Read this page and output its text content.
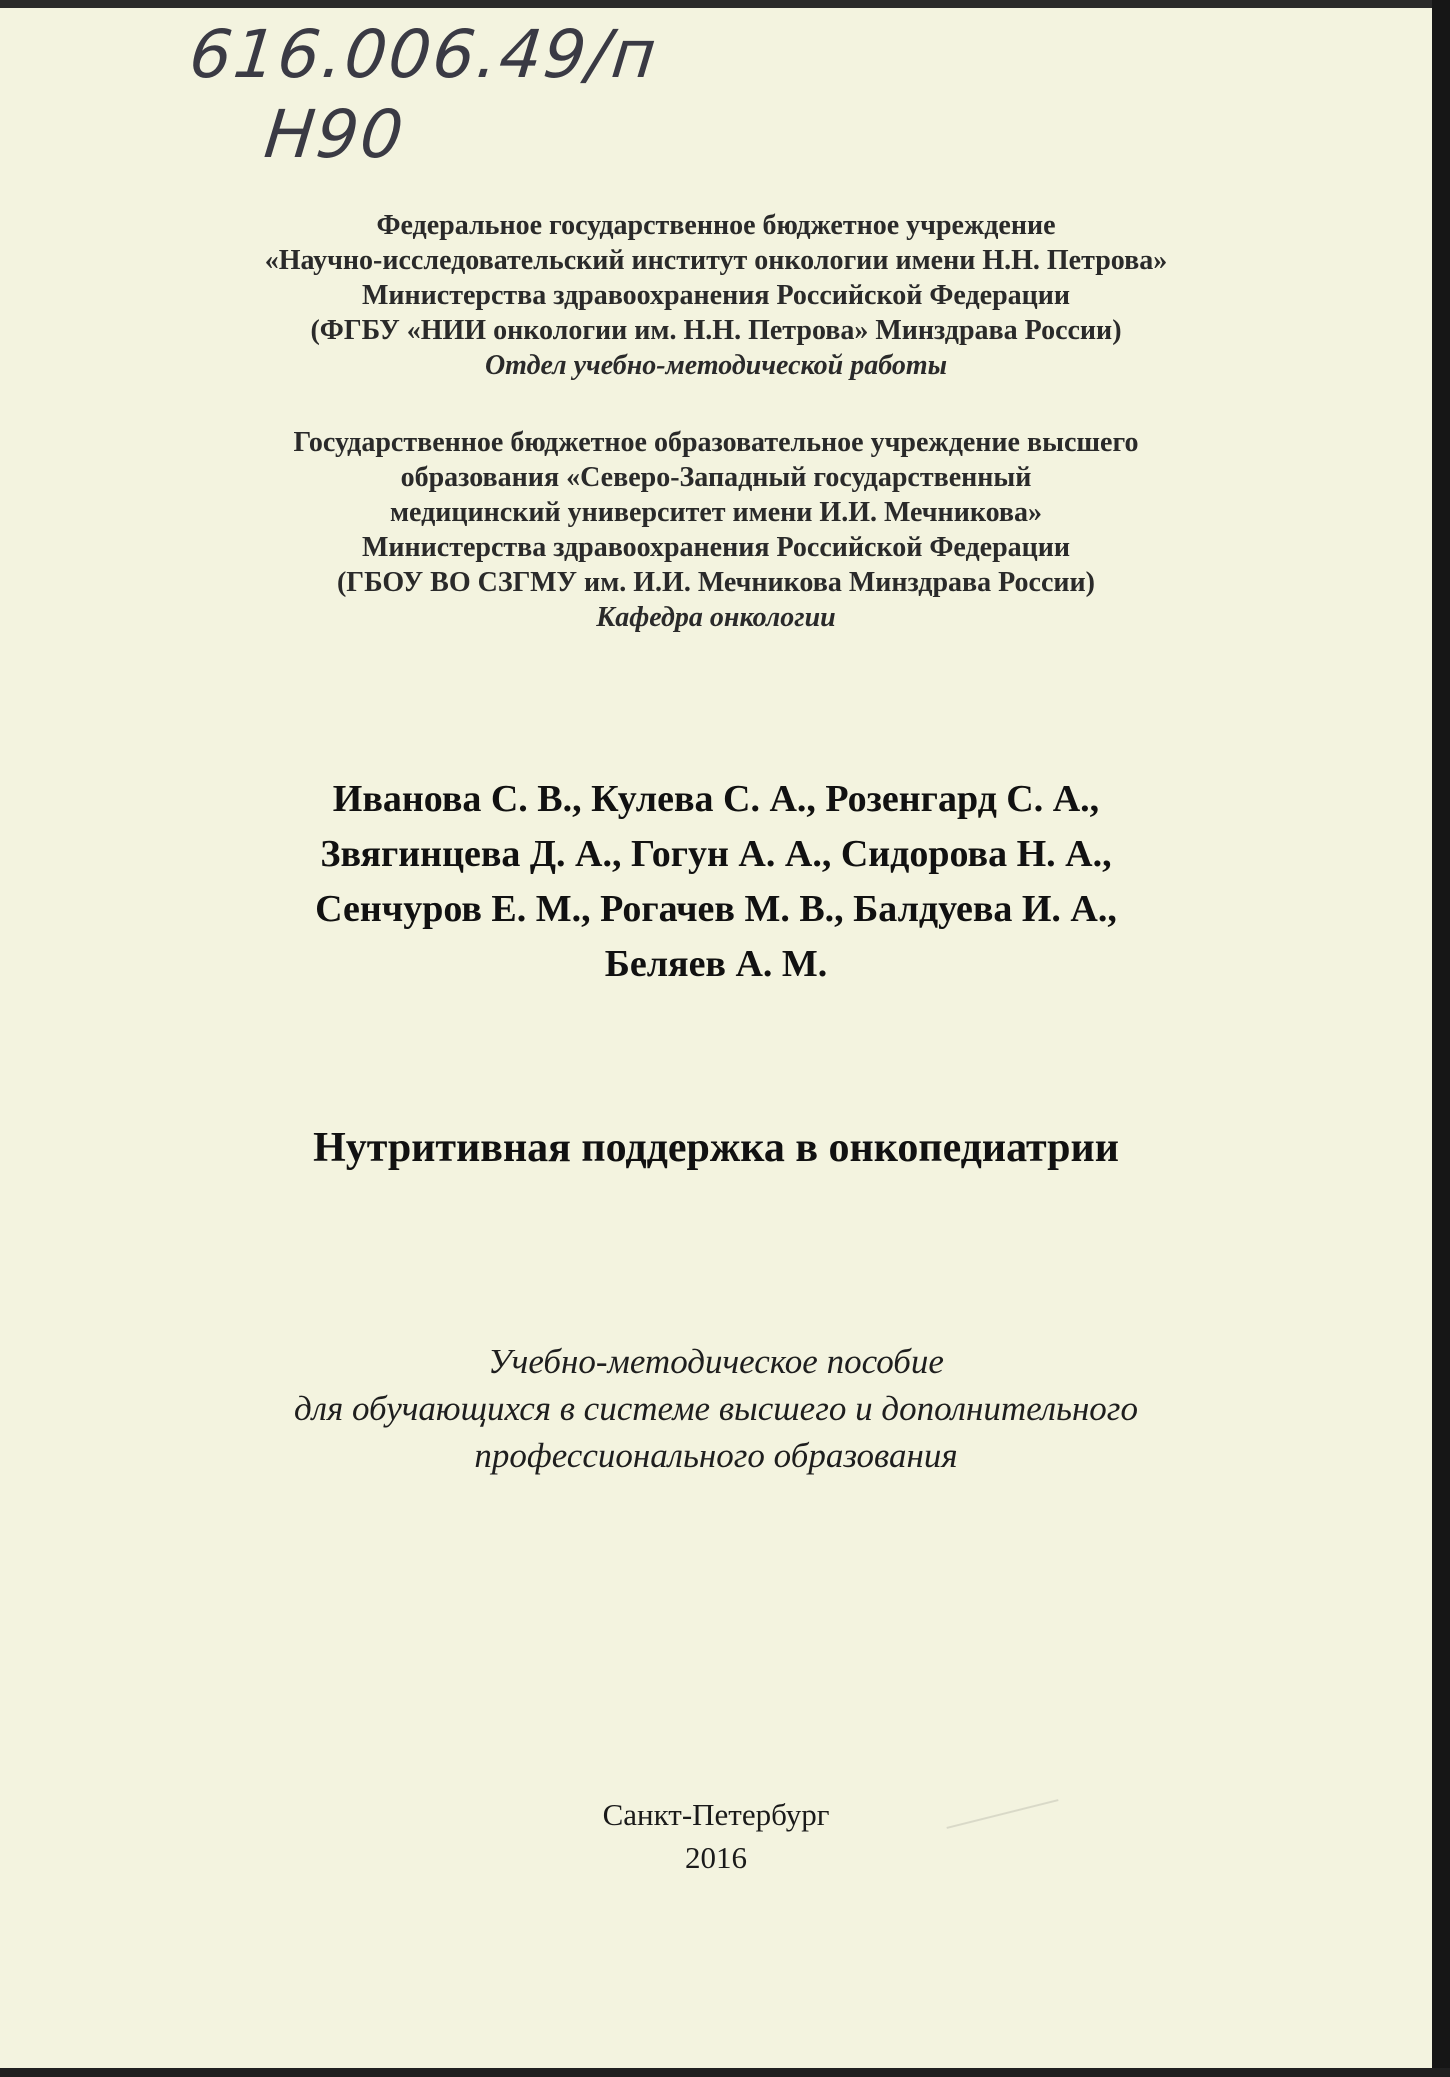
616.006.49/п
Н90
Федеральное государственное бюджетное учреждение
«Научно-исследовательский институт онкологии имени Н.Н. Петрова»
Министерства здравоохранения Российской Федерации
(ФГБУ «НИИ онкологии им. Н.Н. Петрова» Минздрава России)
Отдел учебно-методической работы
Государственное бюджетное образовательное учреждение высшего
образования «Северо-Западный государственный
медицинский университет имени И.И. Мечникова»
Министерства здравоохранения Российской Федерации
(ГБОУ ВО СЗГМУ им. И.И. Мечникова Минздрава России)
Кафедра онкологии
Иванова С. В., Кулева С. А., Розенгард С. А.,
Звягинцева Д. А., Гогун А. А., Сидорова Н. А.,
Сенчуров Е. М., Рогачев М. В., Балдуева И. А.,
Беляев А. М.
Нутритивная поддержка в онкопедиатрии
Учебно-методическое пособие
для обучающихся в системе высшего и дополнительного
профессионального образования
Санкт-Петербург
2016
